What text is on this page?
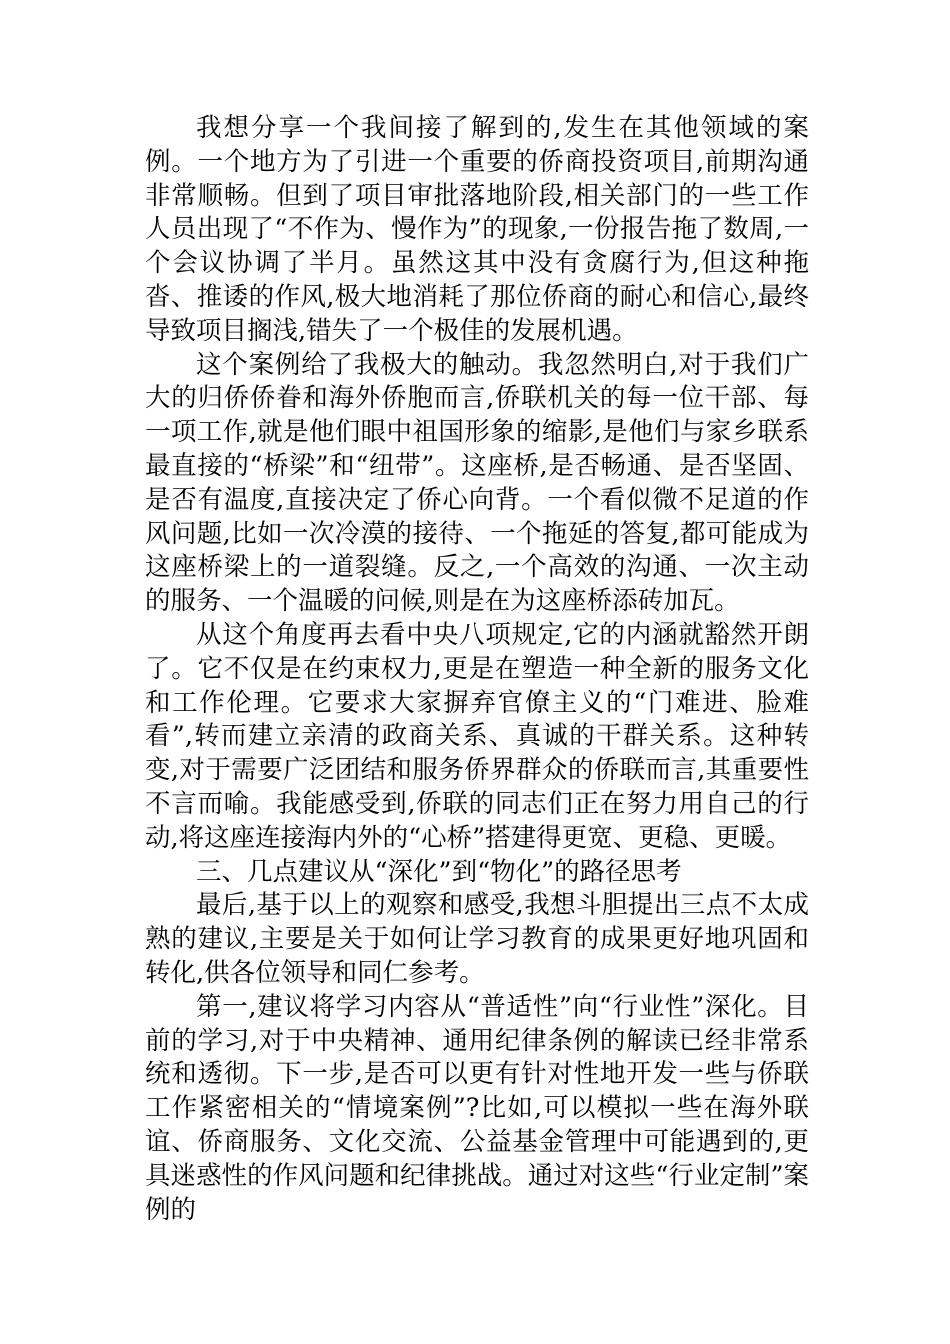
我想分享一个我间接了解到的,发生在其他领域的案例。一个地方为了引进一个重要的侨商投资项目,前期沟通非常顺畅。但到了项目审批落地阶段,相关部门的一些工作人员出现了“不作为、慢作为”的现象,一份报告拖了数周,一个会议协调了半月。虽然这其中没有贪腐行为,但这种拖沓、推诿的作风,极大地消耗了那位侨商的耐心和信心,最终导致项目搁浅,错失了一个极佳的发展机遇。

这个案例给了我极大的触动。我忽然明白,对于我们广大的归侨侨眷和海外侨胞而言,侨联机关的每一位干部、每一项工作,就是他们眼中祖国形象的缩影,是他们与家乡联系最直接的“桥梁”和“纽带”。这座桥,是否畅通、是否坚固、是否有温度,直接决定了侨心向背。一个看似微不足道的作风问题,比如一次冷漠的接待、一个拖延的答复,都可能成为这座桥梁上的一道裂缝。反之,一个高效的沟通、一次主动的服务、一个温暖的问候,则是在为这座桥添砖加瓦。

从这个角度再去看中央八项规定,它的内涵就豁然开朗了。它不仅是在约束权力,更是在塑造一种全新的服务文化和工作伦理。它要求大家摒弃官僚主义的“门难进、脸难看”,转而建立亲清的政商关系、真诚的干群关系。这种转变,对于需要广泛团结和服务侨界群众的侨联而言,其重要性不言而喻。我能感受到,侨联的同志们正在努力用自己的行动,将这座连接海内外的“心桥”搭建得更宽、更稳、更暖。

三、几点建议从“深化”到“物化”的路径思考

最后,基于以上的观察和感受,我想斗胆提出三点不太成熟的建议,主要是关于如何让学习教育的成果更好地巩固和转化,供各位领导和同仁参考。

第一,建议将学习内容从“普适性”向“行业性”深化。目前的学习,对于中央精神、通用纪律条例的解读已经非常系统和透彻。下一步,是否可以更有针对性地开发一些与侨联工作紧密相关的“情境案例”?比如,可以模拟一些在海外联谊、侨商服务、文化交流、公益基金管理中可能遇到的,更具迷惑性的作风问题和纪律挑战。通过对这些“行业定制”案例的
